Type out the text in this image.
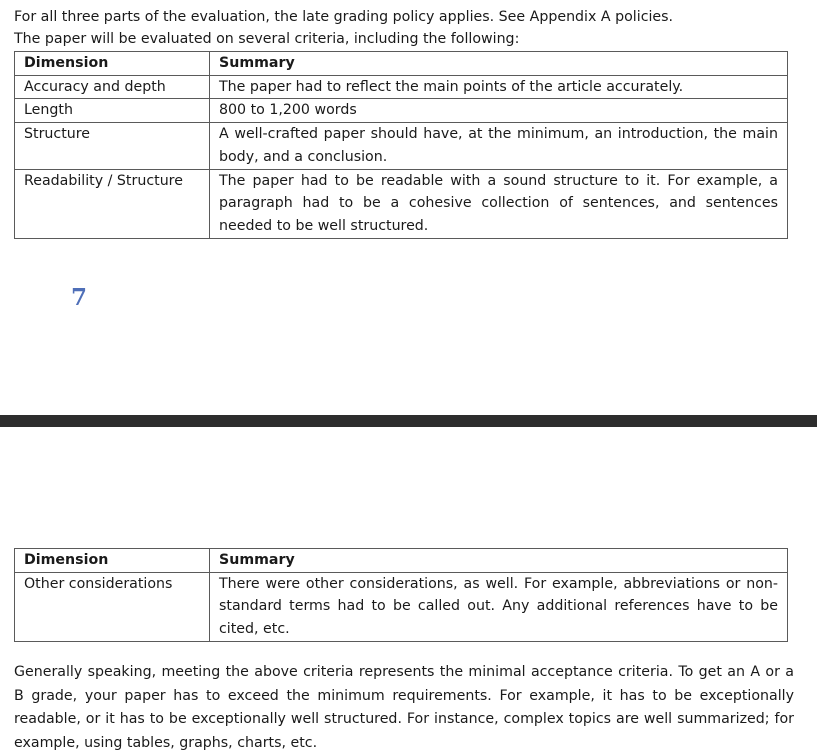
For all three parts of the evaluation, the late grading policy applies. See Appendix A policies.
The paper will be evaluated on several criteria, including the following:
Dimension	Summary
Accuracy and depth	The paper had to reflect the main points of the article accurately.
Length	800 to 1,200 words
Structure	A well-crafted paper should have, at the minimum, an introduction, the main body, and a conclusion.
Readability / Structure	The paper had to be readable with a sound structure to it. For example, a paragraph had to be a cohesive collection of sentences, and sentences needed to be well structured.
7
Dimension	Summary
Other considerations	There were other considerations, as well. For example, abbreviations or non-standard terms had to be called out. Any additional references have to be cited, etc.

Generally speaking, meeting the above criteria represents the minimal acceptance criteria. To get an A or a B grade, your paper has to exceed the minimum requirements. For example, it has to be exceptionally readable, or it has to be exceptionally well structured. For instance, complex topics are well summarized; for example, using tables, graphs, charts, etc.
